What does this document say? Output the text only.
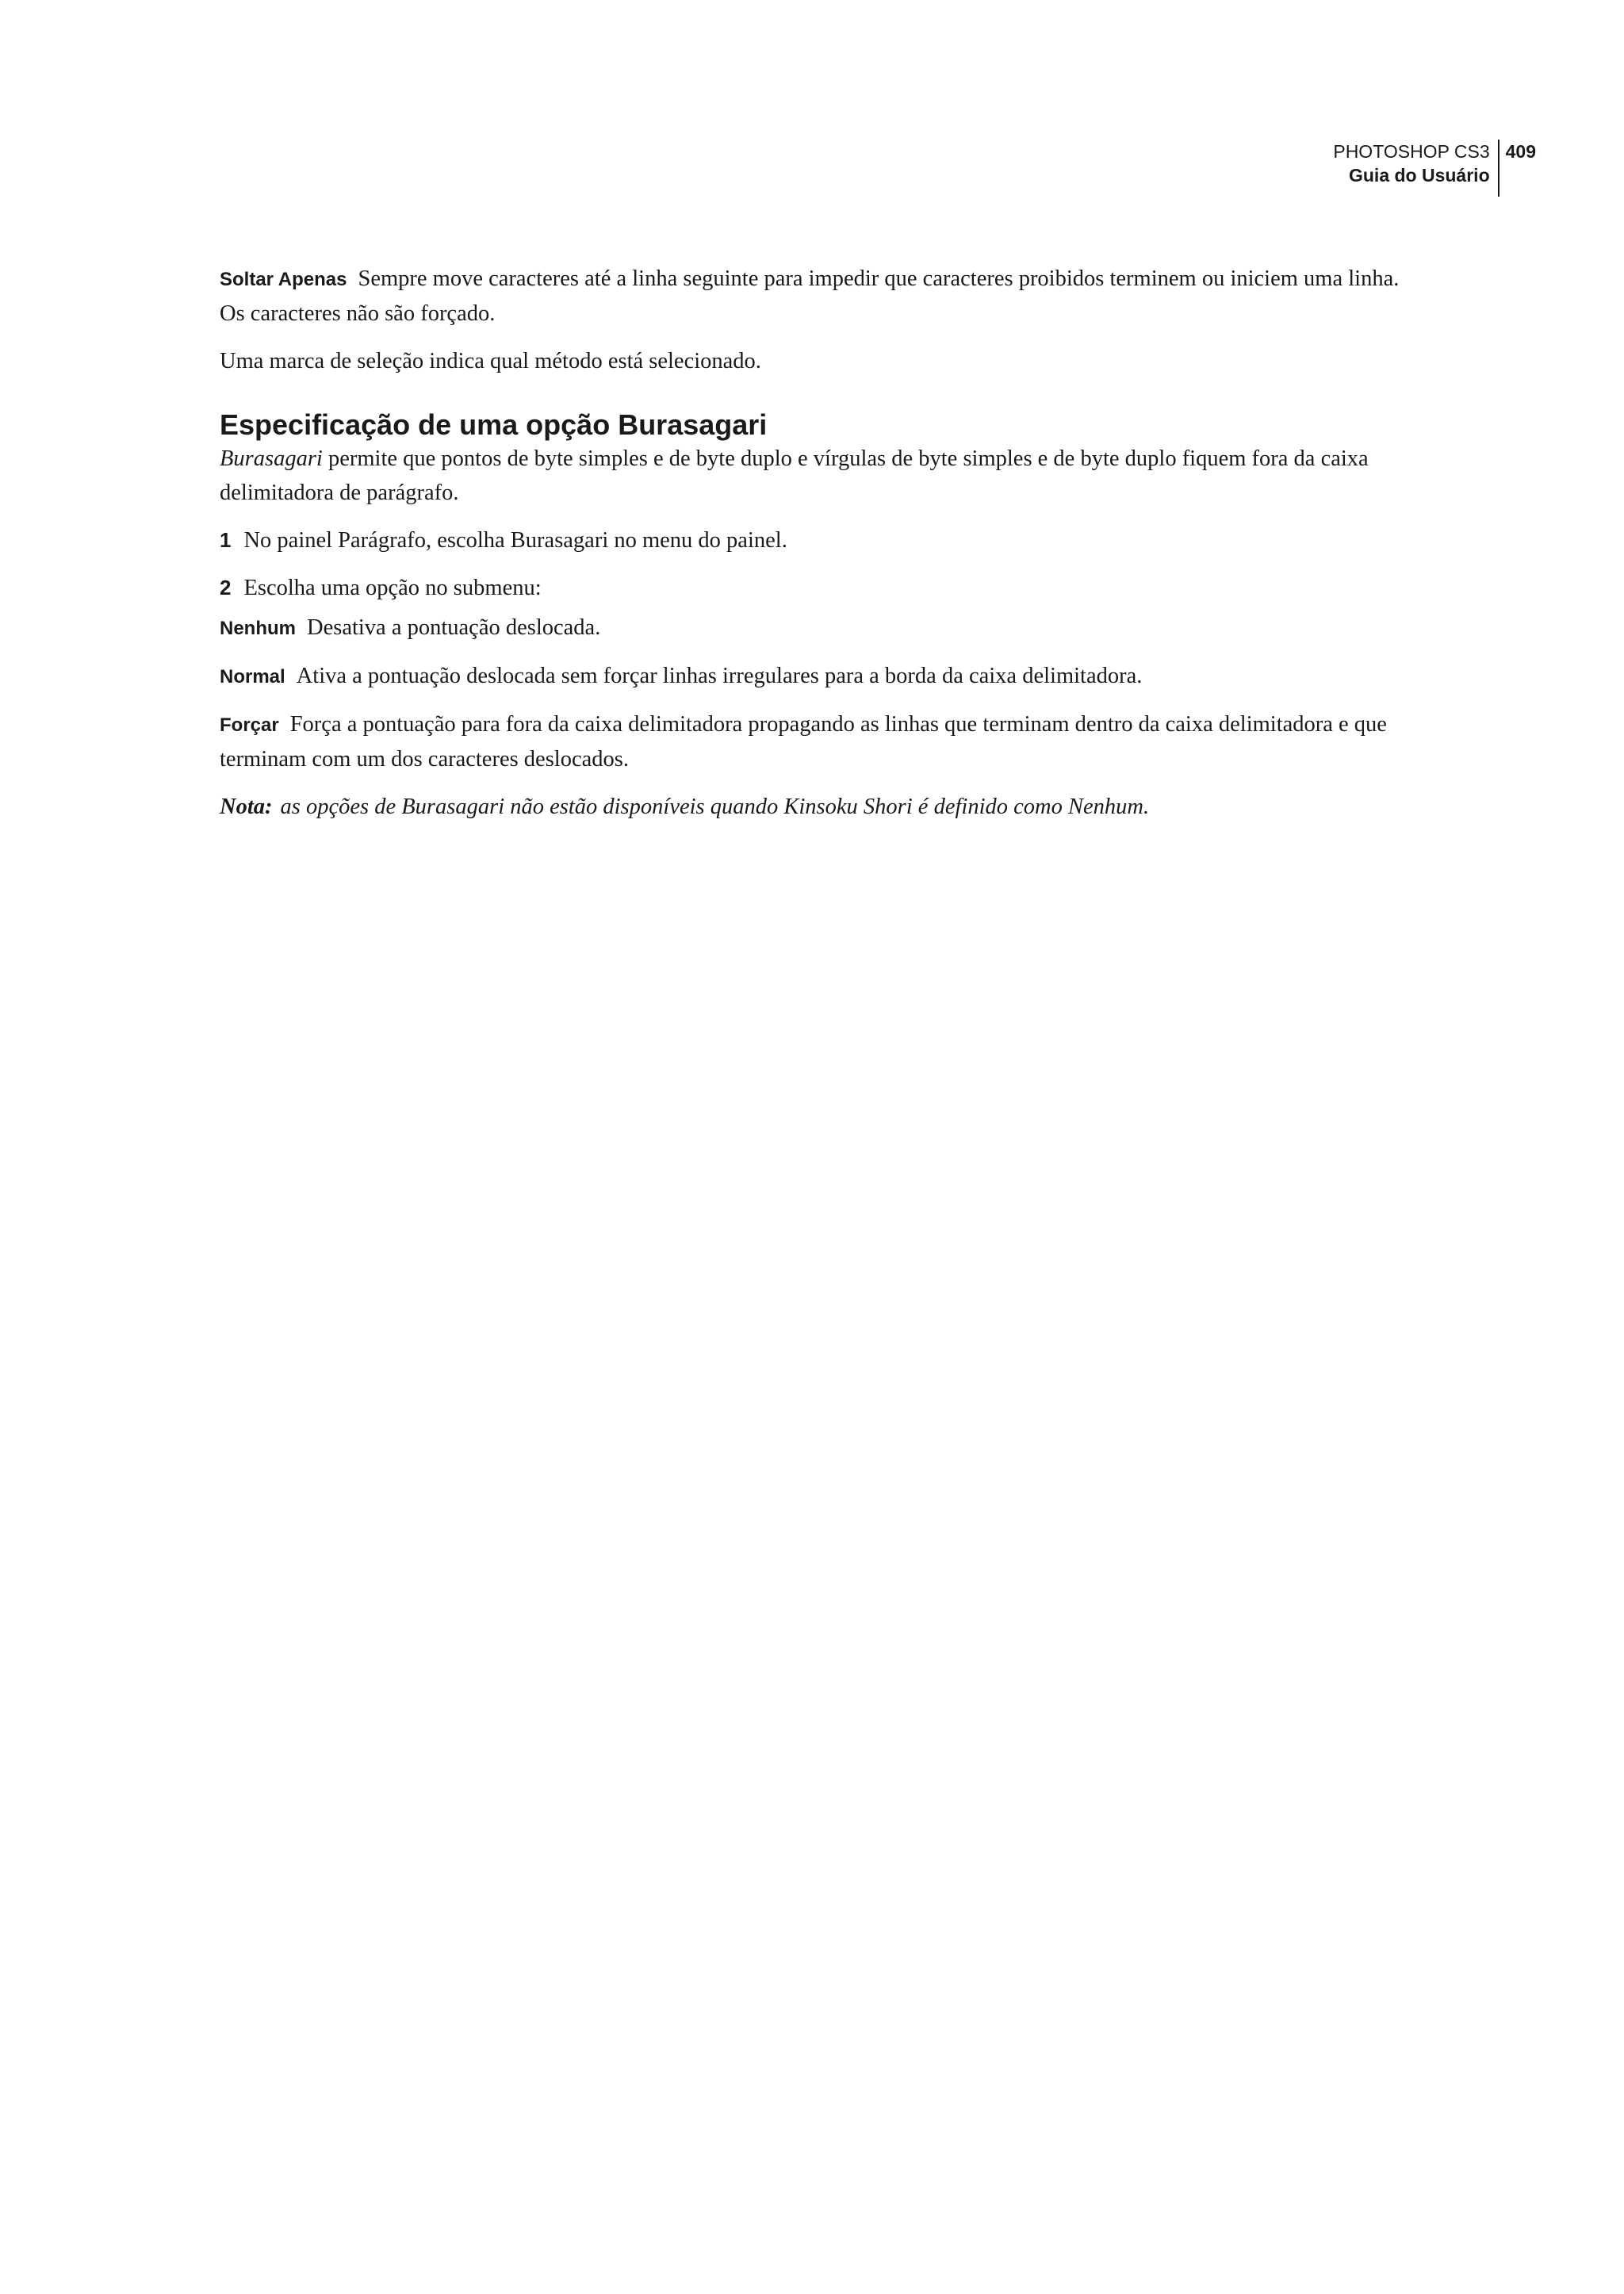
PHOTOSHOP CS3
Guia do Usuário
409

Soltar Apenas Sempre move caracteres até a linha seguinte para impedir que caracteres proibidos terminem ou iniciem uma linha. Os caracteres não são forçado.

Uma marca de seleção indica qual método está selecionado.

Especificação de uma opção Burasagari

Burasagari permite que pontos de byte simples e de byte duplo e vírgulas de byte simples e de byte duplo fiquem fora da caixa delimitadora de parágrafo.

1 No painel Parágrafo, escolha Burasagari no menu do painel.

2 Escolha uma opção no submenu:

Nenhum Desativa a pontuação deslocada.

Normal Ativa a pontuação deslocada sem forçar linhas irregulares para a borda da caixa delimitadora.

Forçar Força a pontuação para fora da caixa delimitadora propagando as linhas que terminam dentro da caixa delimitadora e que terminam com um dos caracteres deslocados.

Nota: as opções de Burasagari não estão disponíveis quando Kinsoku Shori é definido como Nenhum.
